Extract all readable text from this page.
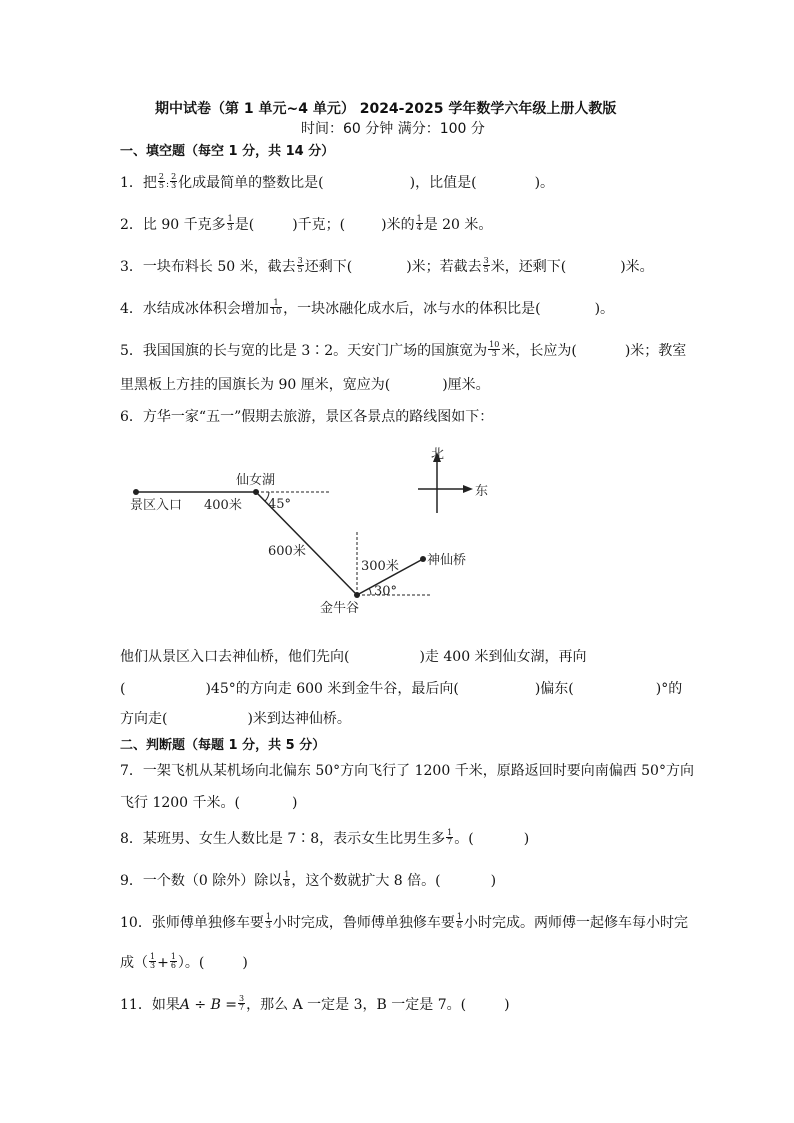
期中试卷（第 1 单元~4 单元） 2024-2025 学年数学六年级上册人教版
时间：60 分钟 满分：100 分
一、填空题（每空 1 分，共 14 分）
1．把 $\frac{2}{5}$ : $\frac{2}{3}$ 化成最简单的整数比是(	)，比值是(	)。
2．比 90 千克多 $\frac{1}{3}$ 是(	)千克；(	)米的 $\frac{1}{4}$ 是 20 米。
3．一块布料长 50 米，截去 $\frac{3}{5}$ 还剩下(	)米；若截去 $\frac{3}{5}$ 米，还剩下(	)米。
4．水结成冰体积会增加 $\frac{1}{10}$ ，一块冰融化成水后，冰与水的体积比是(	)。
5．我国国旗的长与宽的比是 3∶2。天安门广场的国旗宽为 $\frac{10}{3}$ 米，长应为(	)米；教室
里黑板上方挂的国旗长为 90 厘米，宽应为(	)厘米。
6．方华一家“五一”假期去旅游，景区各景点的路线图如下：
北
东
景区入口 400米
仙女湖
45°
600米
金牛谷
300米 神仙桥
30°
他们从景区入口去神仙桥，他们先向(	)走 400 米到仙女湖，再向
(	)45°的方向走 600 米到金牛谷，最后向(	)偏东(	)°的
方向走(	)米到达神仙桥。
二、判断题（每题 1 分，共 5 分）
7．一架飞机从某机场向北偏东 50°方向飞行了 1200 千米，原路返回时要向南偏西 50°方向
飞行 1200 千米。(	)
8．某班男、女生人数比是 7∶8，表示女生比男生多 $\frac{1}{7}$ 。(	)
9．一个数（0 除外）除以 $\frac{1}{8}$ ，这个数就扩大 8 倍。(	)
10．张师傅单独修车要 $\frac{1}{3}$ 小时完成，鲁师傅单独修车要 $\frac{1}{6}$ 小时完成。两师傅一起修车每小时完
成（ $\frac{1}{3} + \frac{1}{6}$ ）。(	)
11．如果$A \div B = \frac{3}{7}$ ，那么 A 一定是 3，B 一定是 7。(	)
